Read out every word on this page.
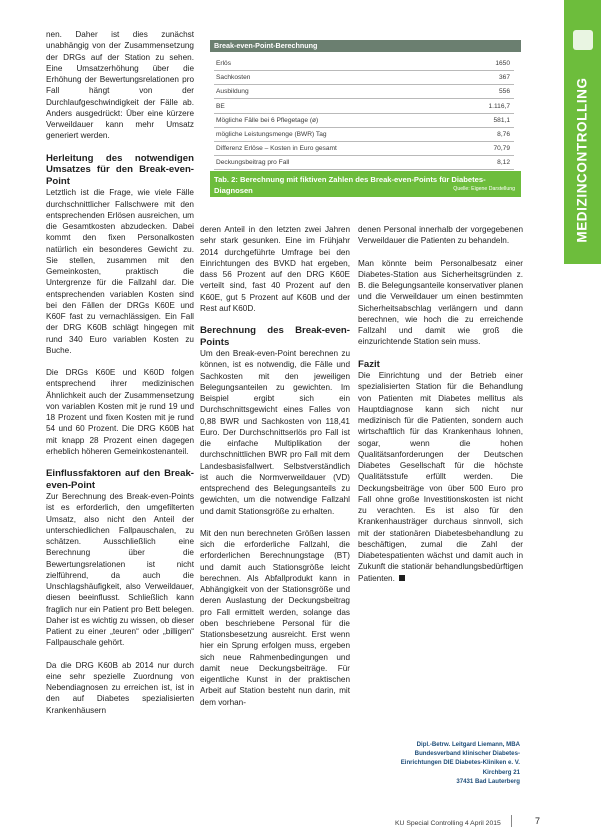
MEDIZINCONTROLLING

nen. Daher ist dies zunächst unabhängig von der Zusammensetzung der DRGs auf der Station zu sehen. Eine Umsatzerhöhung über die Erhöhung der Bewertungsrelationen pro Fall hängt von der Durchlaufgeschwindigkeit der Fälle ab. Anders ausgedrückt: Über eine kürzere Verweildauer kann mehr Umsatz generiert werden.

Herleitung des notwendigen Umsatzes für den Break-even-Point

Letztlich ist die Frage, wie viele Fälle durchschnittlicher Fallschwere mit den entsprechenden Erlösen ausreichen, um die Gesamtkosten abzudecken. Dabei kommt den fixen Personalkosten natürlich ein besonderes Gewicht zu. Sie stellen, zusammen mit den Gemeinkosten, praktisch die Untergrenze für die Fallzahl dar. Die entsprechenden variablen Kosten sind bei den Fällen der DRGs K60E und K60F fast zu vernachlässigen. Ein Fall der DRG K60B schlägt hingegen mit rund 340 Euro variablen Kosten zu Buche.

Die DRGs K60E und K60D folgen entsprechend ihrer medizinischen Ähnlichkeit auch der Zusammensetzung von variablen Kosten mit je rund 19 und 18 Prozent und fixen Kosten mit je rund 54 und 60 Prozent. Die DRG K60B hat mit knapp 28 Prozent einen dagegen erheblich höheren Gemeinkostenanteil.

Einflussfaktoren auf den Break-even-Point

Zur Berechnung des Break-even-Points ist es erforderlich, den umgefilterten Umsatz, also nicht den Anteil der unterschiedlichen Fallpauschalen, zu schätzen. Ausschließlich eine Berechnung über die Bewertungsrelationen ist nicht zielführend, da auch die Unschlagshäufigkeit, also Verweildauer, diesen beeinflusst. Schließlich kann fraglich nur ein Patient pro Bett belegen. Daher ist es wichtig zu wissen, ob dieser Patient zu einer „teuren“ oder „billigen“ Fallpauschale gehört.

Da die DRG K60B ab 2014 nur durch eine sehr spezielle Zuordnung von Nebendiagnosen zu erreichen ist, ist in den auf Diabetes spezialisierten Krankenhäusern

Break-even-Point-Berechnung
Erlös	1650
Sachkosten	367
Ausbildung	556
BE	1.116,7
Mögliche Fälle bei 6 Pflegetage (ø)	581,1
mögliche Leistungsmenge (BWR) Tag	8,76
Differenz Erlöse – Kosten in Euro gesamt	70,79
Deckungsbeitrag pro Fall	8,12
Tab. 2: Berechnung mit fiktiven Zahlen des Break-even-Points für Diabetes-Diagnosen	Quelle: Eigene Darstellung

deren Anteil in den letzten zwei Jahren sehr stark gesunken. Eine im Frühjahr 2014 durchgeführte Umfrage bei den Einrichtungen des BVKD hat ergeben, dass 56 Prozent auf den DRG K60E verteilt sind, fast 40 Prozent auf den K60E, gut 5 Prozent auf K60B und der Rest auf K60D.

Berechnung des Break-even-Points

Um den Break-even-Point berechnen zu können, ist es notwendig, die Fälle und Sachkosten mit den jeweiligen Belegungsanteilen zu gewichten. Im Beispiel ergibt sich ein Durchschnittsgewicht eines Falles von 0,88 BWR und Sachkosten von 118,41 Euro. Der Durchschnittserlös pro Fall ist die einfache Multiplikation der durchschnittlichen BWR pro Fall mit dem Landesbasisfallwert. Selbstverständlich ist auch die Normverweildauer (VD) entsprechend des Belegungsanteils zu gewichten, um die notwendige Fallzahl und damit Stationsgröße zu erhalten.

Mit den nun berechneten Größen lassen sich die erforderliche Fallzahl, die erforderlichen Berechnungstage (BT) und damit auch Stationsgröße leicht berechnen. Als Abfallprodukt kann in Abhängigkeit von der Stationsgröße und deren Auslastung der Deckungsbeitrag pro Fall ermittelt werden, solange das oben beschriebene Personal für die Stationsbesetzung ausreicht. Erst wenn hier ein Sprung erfolgen muss, ergeben sich neue Rahmenbedingungen und damit neue Deckungsbeiträge. Für eigentliche Kunst in der praktischen Arbeit auf Station besteht nun darin, mit dem vorhan-

denen Personal innerhalb der vorgegebenen Verweildauer die Patienten zu behandeln.

Man könnte beim Personalbesatz einer Diabetes-Station aus Sicherheitsgründen z. B. die Belegungsanteile konservativer planen und die Verweildauer um einen bestimmten Sicherheitsabschlag verlängern und dann berechnen, wie hoch die zu erreichende Fallzahl und damit wie groß die einzurichtende Station sein muss.

Fazit

Die Einrichtung und der Betrieb einer spezialisierten Station für die Behandlung von Patienten mit Diabetes mellitus als Hauptdiagnose kann sich nicht nur medizinisch für die Patienten, sondern auch wirtschaftlich für das Krankenhaus lohnen, sogar, wenn die hohen Qualitätsanforderungen der Deutschen Diabetes Gesellschaft für die höchste Qualitätsstufe erfüllt werden. Die Deckungsbeiträge von über 500 Euro pro Fall ohne große Investitionskosten ist nicht zu verachten. Es ist also für den Krankenhausträger durchaus sinnvoll, sich mit der stationären Diabetesbehandlung zu beschäftigen, zumal die Zahl der Diabetespatienten wächst und damit auch in Zukunft die stationär behandlungsbedürftigen Patienten.

Dipl.-Betrw. Leitgard Liemann, MBA
Bundesverband klinischer Diabetes-
Einrichtungen DIE Diabetes-Kliniken e. V.
Kirchberg 21
37431 Bad Lauterberg
KU Special Controlling 4 April 2015	7
